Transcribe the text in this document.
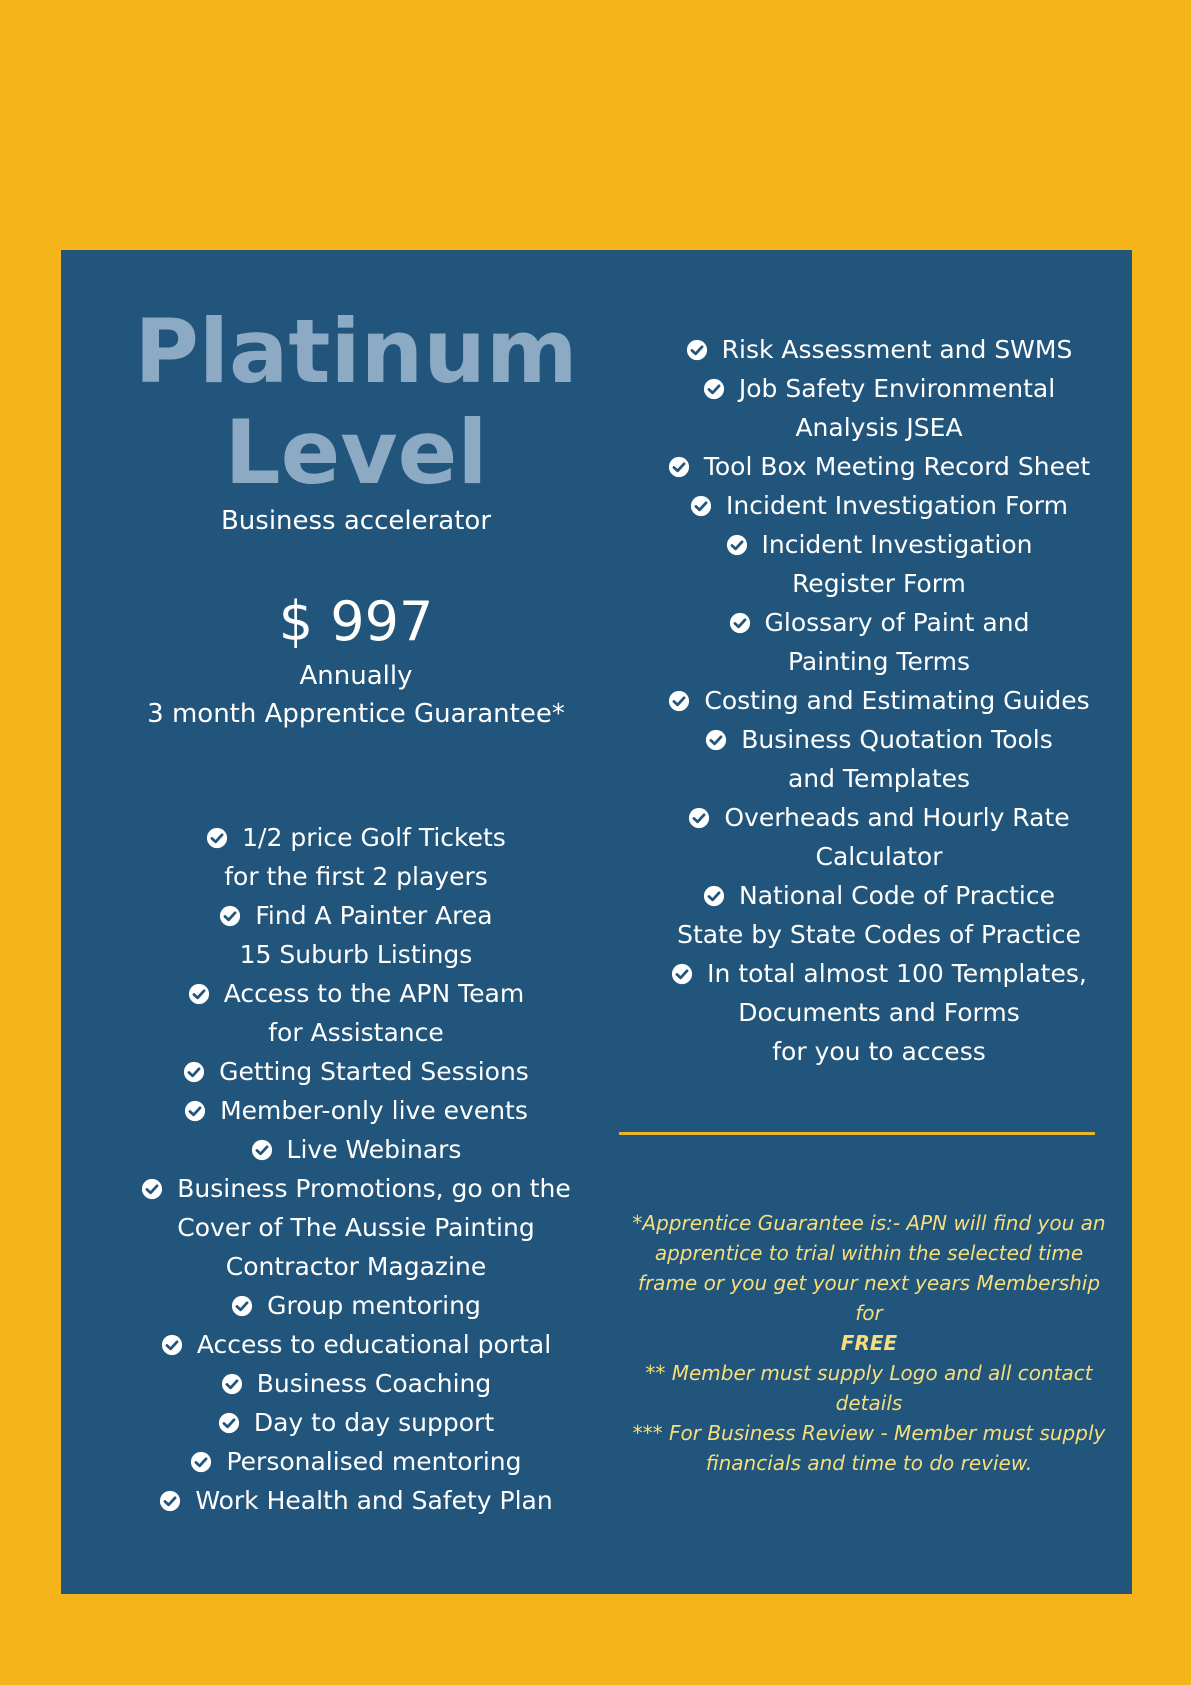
Platinum
Level
Business accelerator
$ 997
Annually
3 month Apprentice Guarantee*
1/2 price Golf Tickets
for the first 2 players
Find A Painter Area
15 Suburb Listings
Access to the APN Team
for Assistance
Getting Started Sessions
Member-only live events
Live Webinars
Business Promotions, go on the
Cover of The Aussie Painting
Contractor Magazine
Group mentoring
Access to educational portal
Business Coaching
Day to day support
Personalised mentoring
Work Health and Safety Plan
Risk Assessment and SWMS
Job Safety Environmental
Analysis JSEA
Tool Box Meeting Record Sheet
Incident Investigation Form
Incident Investigation
Register Form
Glossary of Paint and
Painting Terms
Costing and Estimating Guides
Business Quotation Tools
and Templates
Overheads and Hourly Rate
Calculator
National Code of Practice
State by State Codes of Practice
In total almost 100 Templates,
Documents and Forms
for you to access
*Apprentice Guarantee is:- APN will find you an apprentice to trial within the selected time frame or you get your next years Membership for
FREE
** Member must supply Logo and all contact details
*** For Business Review - Member must supply financials and time to do review.
